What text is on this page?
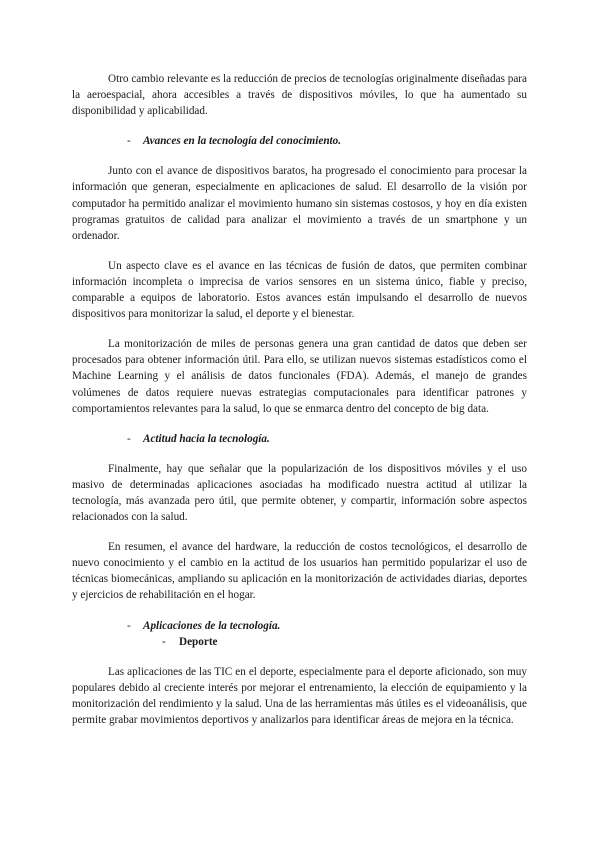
Otro cambio relevante es la reducción de precios de tecnologías originalmente diseñadas para la aeroespacial, ahora accesibles a través de dispositivos móviles, lo que ha aumentado su disponibilidad y aplicabilidad.

- Avances en la tecnología del conocimiento.

Junto con el avance de dispositivos baratos, ha progresado el conocimiento para procesar la información que generan, especialmente en aplicaciones de salud. El desarrollo de la visión por computador ha permitido analizar el movimiento humano sin sistemas costosos, y hoy en día existen programas gratuitos de calidad para analizar el movimiento a través de un smartphone y un ordenador.

Un aspecto clave es el avance en las técnicas de fusión de datos, que permiten combinar información incompleta o imprecisa de varios sensores en un sistema único, fiable y preciso, comparable a equipos de laboratorio. Estos avances están impulsando el desarrollo de nuevos dispositivos para monitorizar la salud, el deporte y el bienestar.

La monitorización de miles de personas genera una gran cantidad de datos que deben ser procesados para obtener información útil. Para ello, se utilizan nuevos sistemas estadísticos como el Machine Learning y el análisis de datos funcionales (FDA). Además, el manejo de grandes volúmenes de datos requiere nuevas estrategias computacionales para identificar patrones y comportamientos relevantes para la salud, lo que se enmarca dentro del concepto de big data.

- Actitud hacia la tecnología.

Finalmente, hay que señalar que la popularización de los dispositivos móviles y el uso masivo de determinadas aplicaciones asociadas ha modificado nuestra actitud al utilizar la tecnología, más avanzada pero útil, que permite obtener, y compartir, información sobre aspectos relacionados con la salud.

En resumen, el avance del hardware, la reducción de costos tecnológicos, el desarrollo de nuevo conocimiento y el cambio en la actitud de los usuarios han permitido popularizar el uso de técnicas biomecánicas, ampliando su aplicación en la monitorización de actividades diarias, deportes y ejercicios de rehabilitación en el hogar.

- Aplicaciones de la tecnología.
- Deporte

Las aplicaciones de las TIC en el deporte, especialmente para el deporte aficionado, son muy populares debido al creciente interés por mejorar el entrenamiento, la elección de equipamiento y la monitorización del rendimiento y la salud. Una de las herramientas más útiles es el videoanálisis, que permite grabar movimientos deportivos y analizarlos para identificar áreas de mejora en la técnica.
